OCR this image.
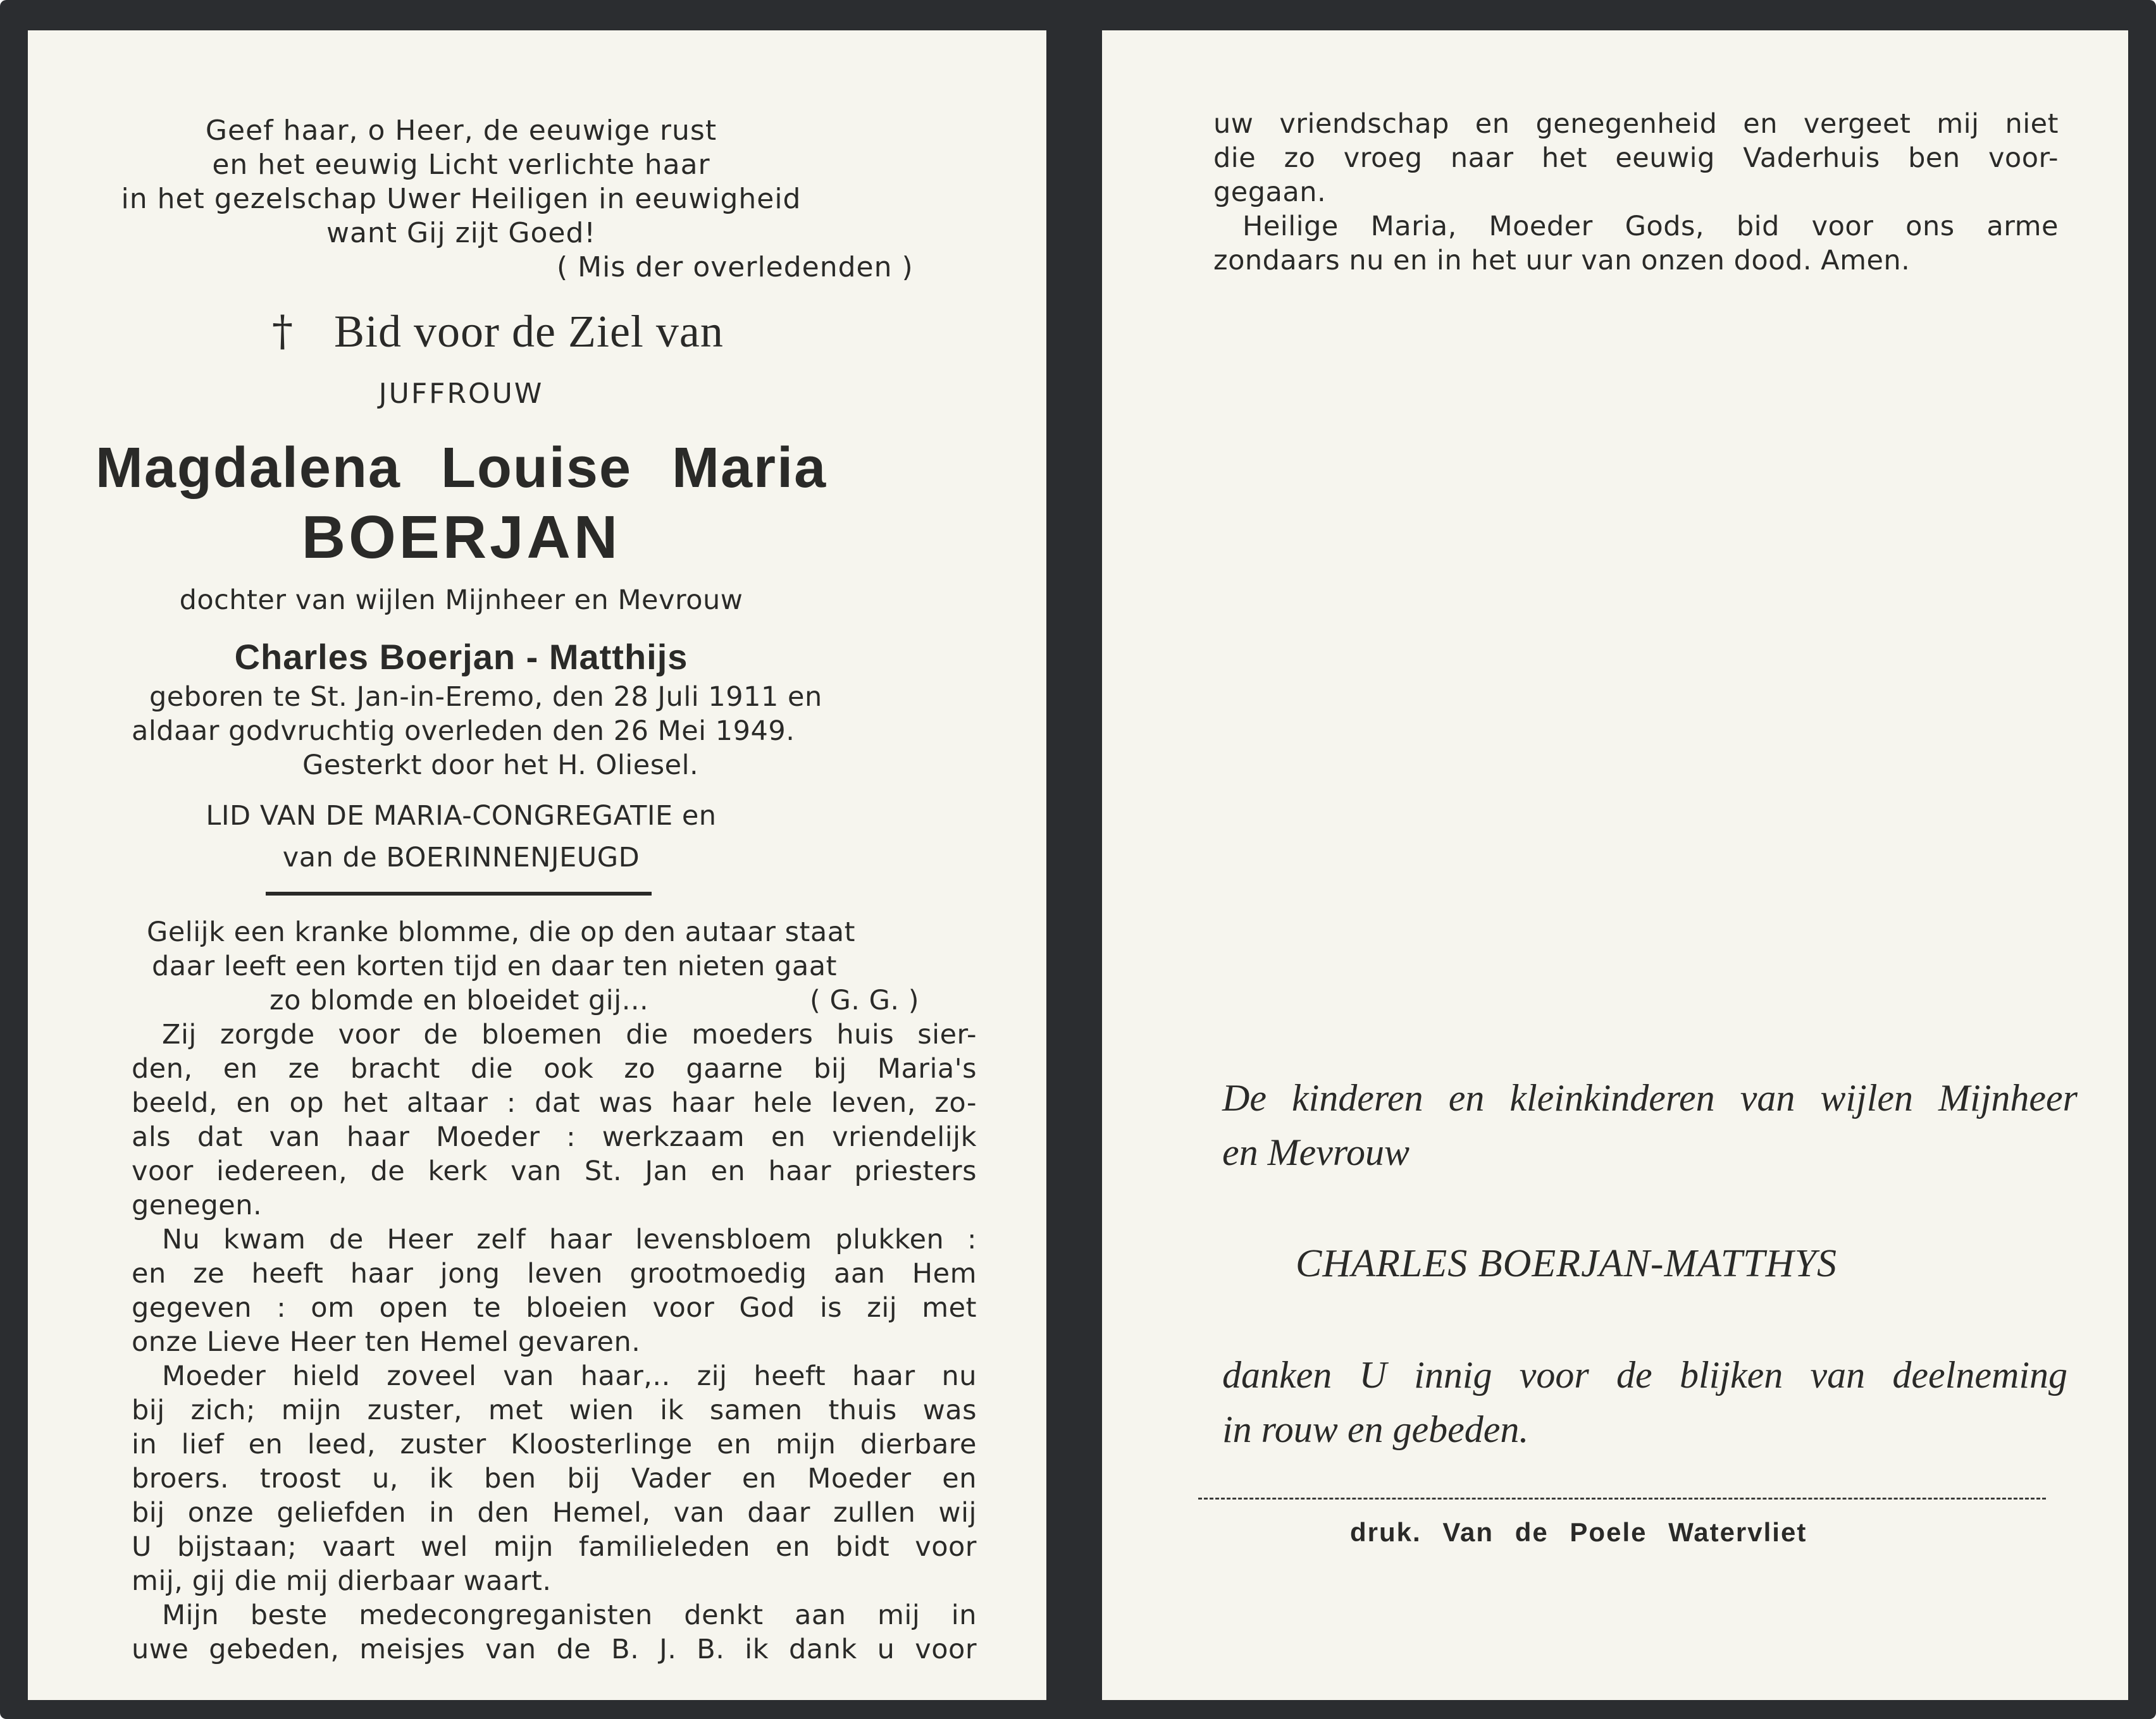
Geef haar, o Heer, de eeuwige rust
en het eeuwig Licht verlichte haar
in het gezelschap Uwer Heiligen in eeuwigheid
want Gij zijt Goed!
( Mis der overledenden )
† Bid voor de Ziel van
JUFFROUW
Magdalena Louise Maria
BOERJAN
dochter van wijlen Mijnheer en Mevrouw
Charles Boerjan - Matthijs
geboren te St. Jan-in-Eremo, den 28 Juli 1911 en
aldaar godvruchtig overleden den 26 Mei 1949.
Gesterkt door het H. Oliesel.
LID VAN DE MARIA-CONGREGATIE en
van de BOERINNENJEUGD
Gelijk een kranke blomme, die op den autaar staat
daar leeft een korten tijd en daar ten nieten gaat
zo blomde en bloeidet gij...	( G. G. )
Zij zorgde voor de bloemen die moeders huis sier-
den, en ze bracht die ook zo gaarne bij Maria's
beeld, en op het altaar : dat was haar hele leven, zo-
als dat van haar Moeder : werkzaam en vriendelijk
voor iedereen, de kerk van St. Jan en haar priesters
genegen.
Nu kwam de Heer zelf haar levensbloem plukken :
en ze heeft haar jong leven grootmoedig aan Hem
gegeven : om open te bloeien voor God is zij met
onze Lieve Heer ten Hemel gevaren.
Moeder hield zoveel van haar,.. zij heeft haar nu
bij zich; mijn zuster, met wien ik samen thuis was
in lief en leed, zuster Kloosterlinge en mijn dierbare
broers. troost u, ik ben bij Vader en Moeder en
bij onze geliefden in den Hemel, van daar zullen wij
U bijstaan; vaart wel mijn familieleden en bidt voor
mij, gij die mij dierbaar waart.
Mijn beste medecongreganisten denkt aan mij in
uwe gebeden, meisjes van de B. J. B. ik dank u voor
uw vriendschap en genegenheid en vergeet mij niet
die zo vroeg naar het eeuwig Vaderhuis ben voor-
gegaan.
Heilige Maria, Moeder Gods, bid voor ons arme
zondaars nu en in het uur van onzen dood. Amen.
De kinderen en kleinkinderen van wijlen Mijnheer
en Mevrouw
CHARLES BOERJAN-MATTHYS
danken U innig voor de blijken van deelneming
in rouw en gebeden.
druk. Van de Poele Watervliet
